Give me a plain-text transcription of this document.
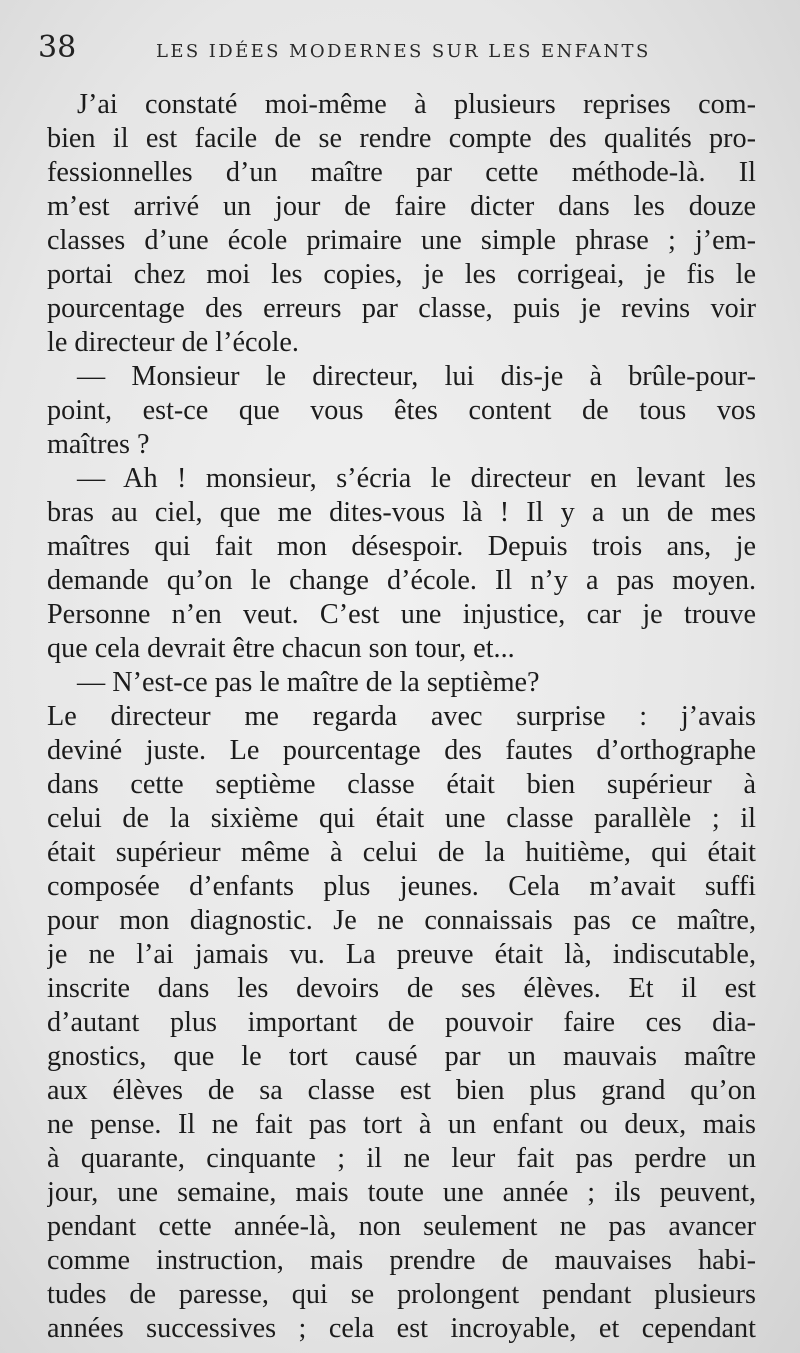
38	LES IDÉES MODERNES SUR LES ENFANTS
J’ai constaté moi-même à plusieurs reprises com-
bien il est facile de se rendre compte des qualités pro-
fessionnelles d’un maître par cette méthode-là. Il
m’est arrivé un jour de faire dicter dans les douze
classes d’une école primaire une simple phrase ; j’em-
portai chez moi les copies, je les corrigeai, je fis le
pourcentage des erreurs par classe, puis je revins voir
le directeur de l’école.
— Monsieur le directeur, lui dis-je à brûle-pour-
point, est-ce que vous êtes content de tous vos
maîtres ?
— Ah ! monsieur, s’écria le directeur en levant les
bras au ciel, que me dites-vous là ! Il y a un de mes
maîtres qui fait mon désespoir. Depuis trois ans, je
demande qu’on le change d’école. Il n’y a pas moyen.
Personne n’en veut. C’est une injustice, car je trouve
que cela devrait être chacun son tour, et...
— N’est-ce pas le maître de la septième?
Le directeur me regarda avec surprise : j’avais
deviné juste. Le pourcentage des fautes d’orthographe
dans cette septième classe était bien supérieur à
celui de la sixième qui était une classe parallèle ; il
était supérieur même à celui de la huitième, qui était
composée d’enfants plus jeunes. Cela m’avait suffi
pour mon diagnostic. Je ne connaissais pas ce maître,
je ne l’ai jamais vu. La preuve était là, indiscutable,
inscrite dans les devoirs de ses élèves. Et il est
d’autant plus important de pouvoir faire ces dia-
gnostics, que le tort causé par un mauvais maître
aux élèves de sa classe est bien plus grand qu’on
ne pense. Il ne fait pas tort à un enfant ou deux, mais
à quarante, cinquante ; il ne leur fait pas perdre un
jour, une semaine, mais toute une année ; ils peuvent,
pendant cette année-là, non seulement ne pas avancer
comme instruction, mais prendre de mauvaises habi-
tudes de paresse, qui se prolongent pendant plusieurs
années successives ; cela est incroyable, et cependant
